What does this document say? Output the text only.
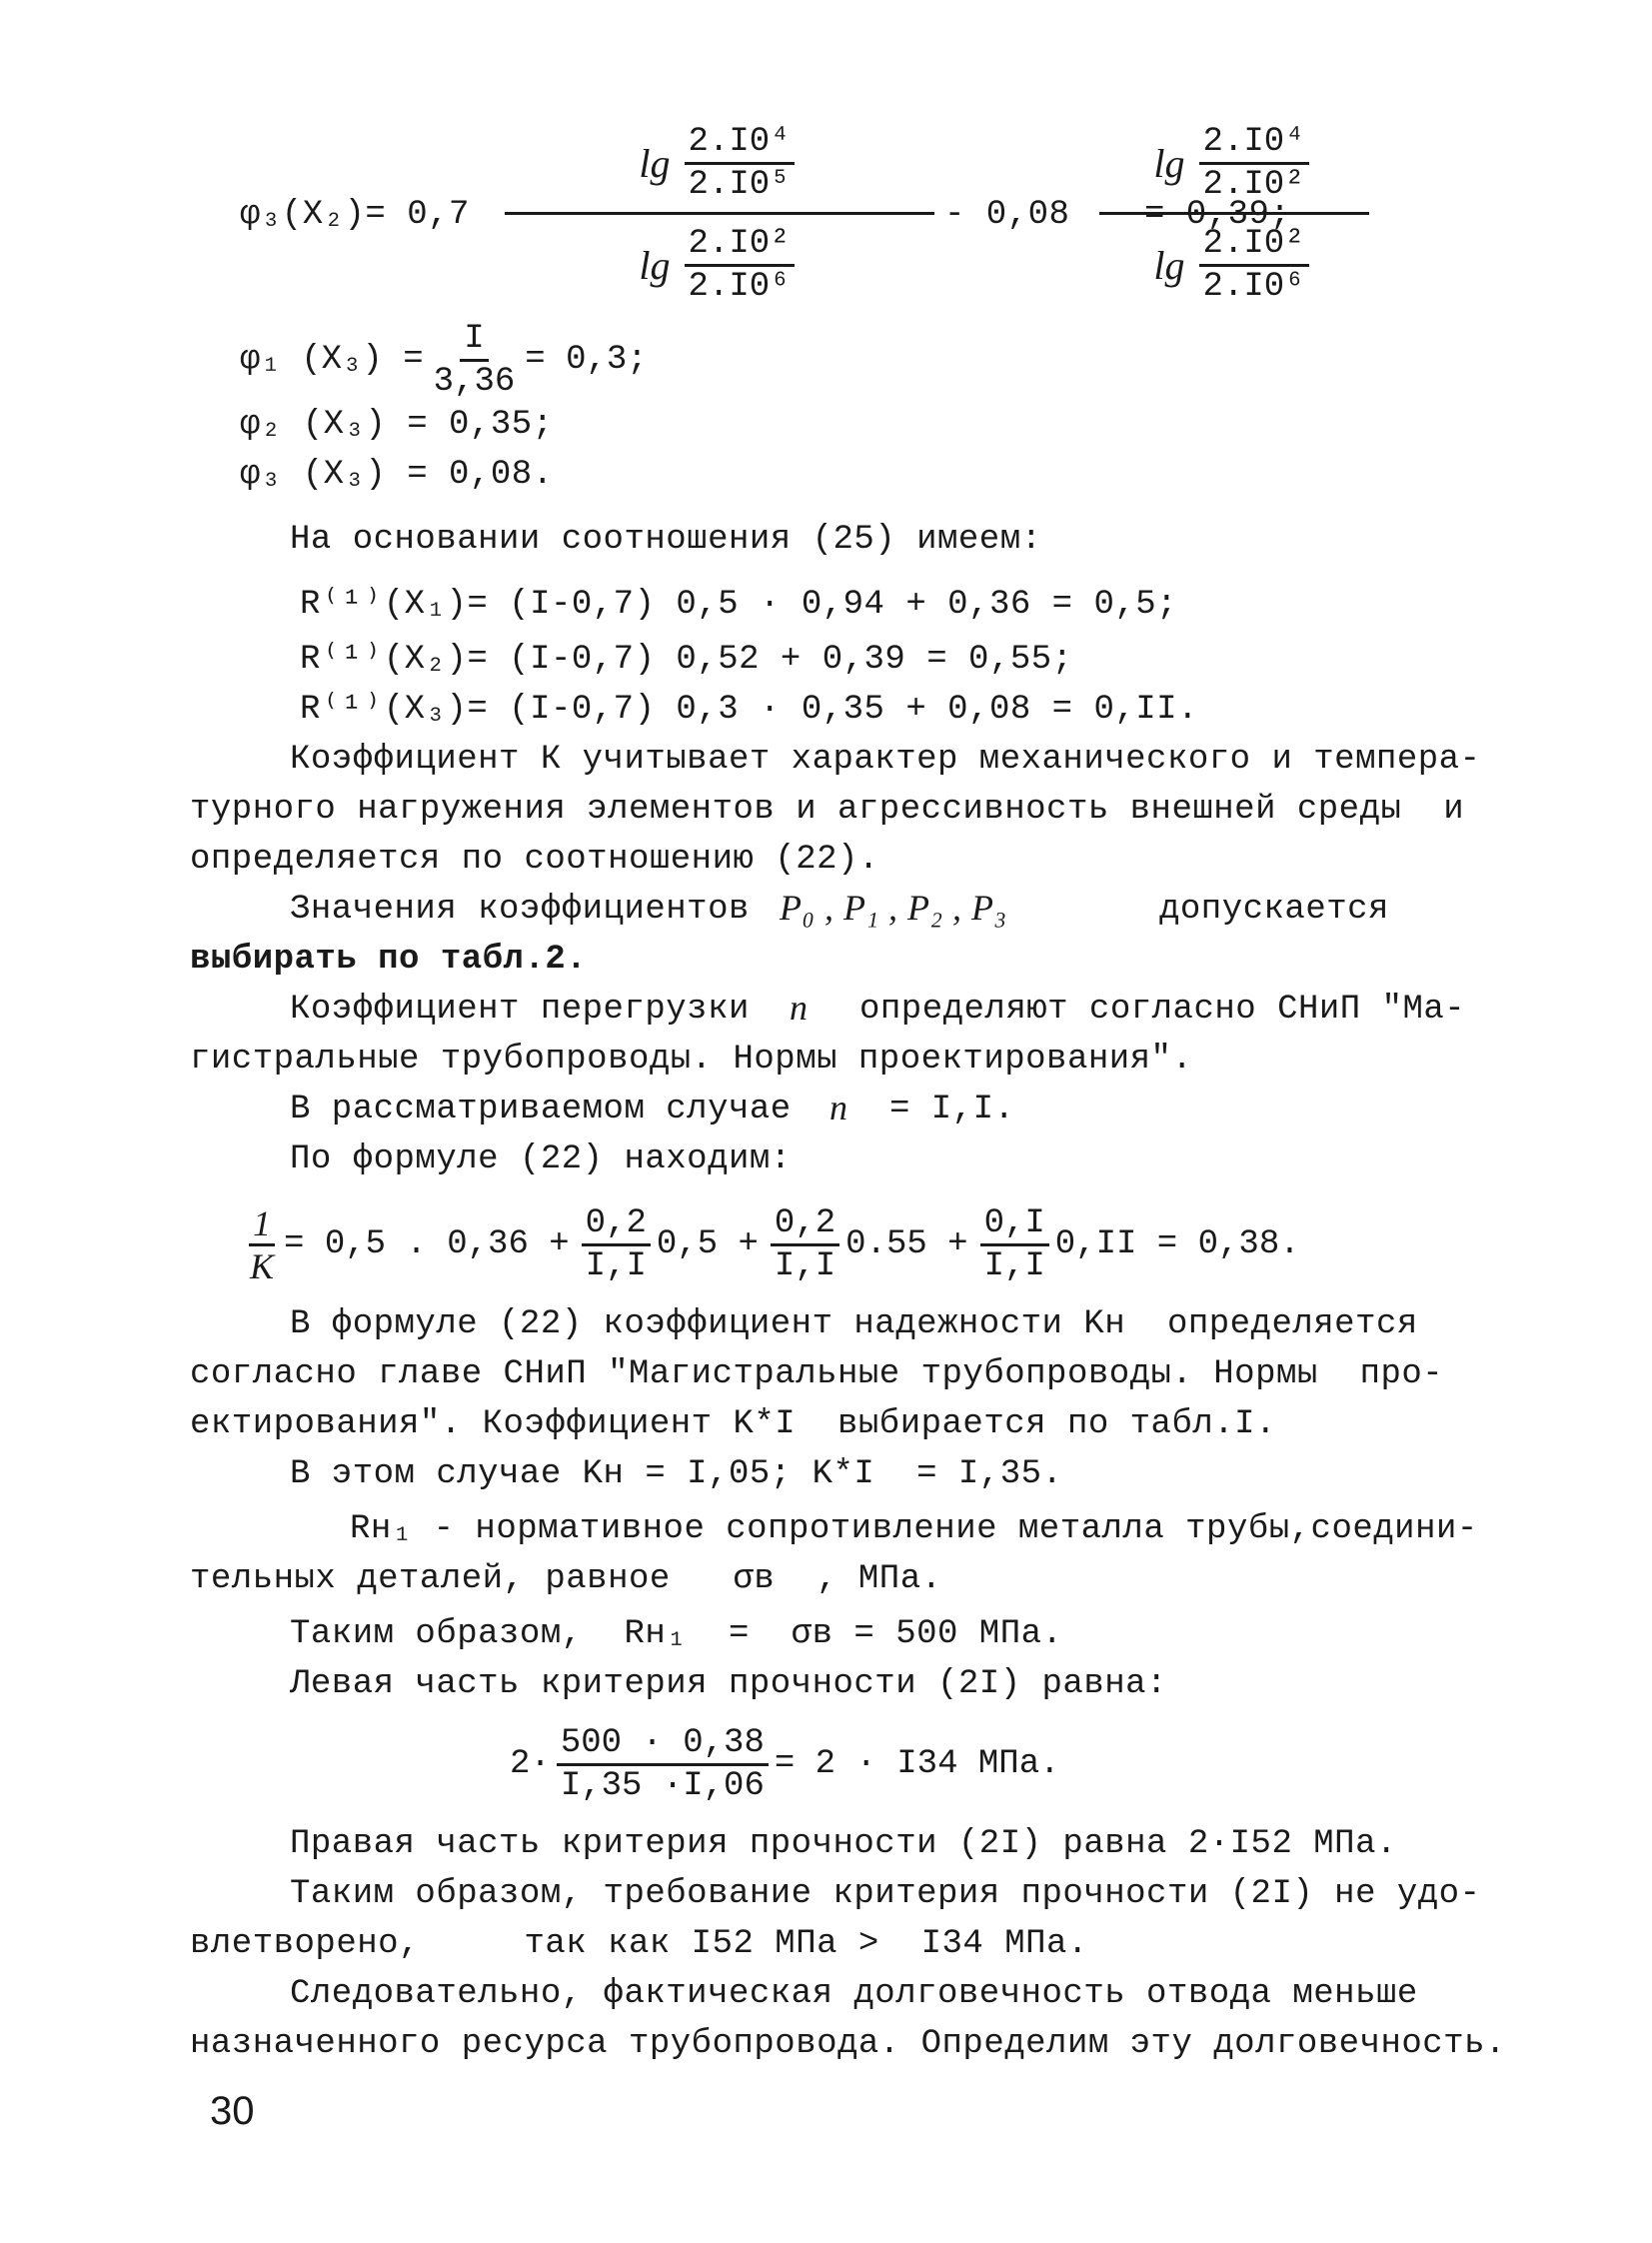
φ₃(X₂)= 0,7
$\lg \frac{\text{2.I0⁴}}{\text{2.I0⁵}}$
$\lg \frac{\text{2.I0²}}{\text{2.I0⁶}}$
- 0,08
$\lg \frac{\text{2.I0⁴}}{\text{2.I0²}}$
$\lg \frac{\text{2.I0²}}{\text{2.I0⁶}}$
= 0,39;
φ₁ $(X_3) = \frac{I}{3,36} = 0,3$;
φ₂ (X₃) = 0,35;
φ₃ (X₃) = 0,08.
На основании соотношения (25) имеем:
R⁽¹⁾(X₁)= (I-0,7) 0,5 · 0,94 + 0,36 = 0,5;
R⁽¹⁾(X₂)= (I-0,7) 0,52 + 0,39 = 0,55;
R⁽¹⁾(X₃)= (I-0,7) 0,3 · 0,35 + 0,08 = 0,II.
Коэффициент К учитывает характер механического и темпера-
турного нагружения элементов и агрессивность внешней среды  и
определяется по соотношению (22).
Значения коэффициентов P₀ , P₁ , P₂ , P₃	допускается
выбирать по табл.2.
Коэффициент перегрузки n определяют согласно СНиП "Ма-
гистральные трубопроводы. Нормы проектирования".
В рассматриваемом случае n = I,I.
По формуле (22) находим:
$\frac{1}{K} = 0,5$ . $0,36 + \frac{0,2}{I,I} 0,5 + \frac{0,2}{I,I} 0.55 + \frac{0,I}{I,I} 0,II = 0,38$.
В формуле (22) коэффициент надежности Kн  определяется
согласно главе СНиП "Магистральные трубопроводы. Нормы  про-
ектирования". Коэффициент K*I  выбирается по табл.I.
В этом случае Kн = I,05; K*I  = I,35.
Rн₁ - нормативное сопротивление металла трубы,соедини-
тельных деталей, равное   σв  , МПа.
Таким образом,  Rн₁  =  σв = 500 МПа.
Левая часть критерия прочности (2I) равна:
$2\cdot \frac{500 \cdot 0,38}{I,35 \cdot I,06} = 2 \cdot I34$ МПа.
Правая часть критерия прочности (2I) равна 2·I52 МПа.
Таким образом, требование критерия прочности (2I) не удо-
влетворено,     так как I52 МПа >  I34 МПа.
Следовательно, фактическая долговечность отвода меньше
назначенного ресурса трубопровода. Определим эту долговечность.
30
